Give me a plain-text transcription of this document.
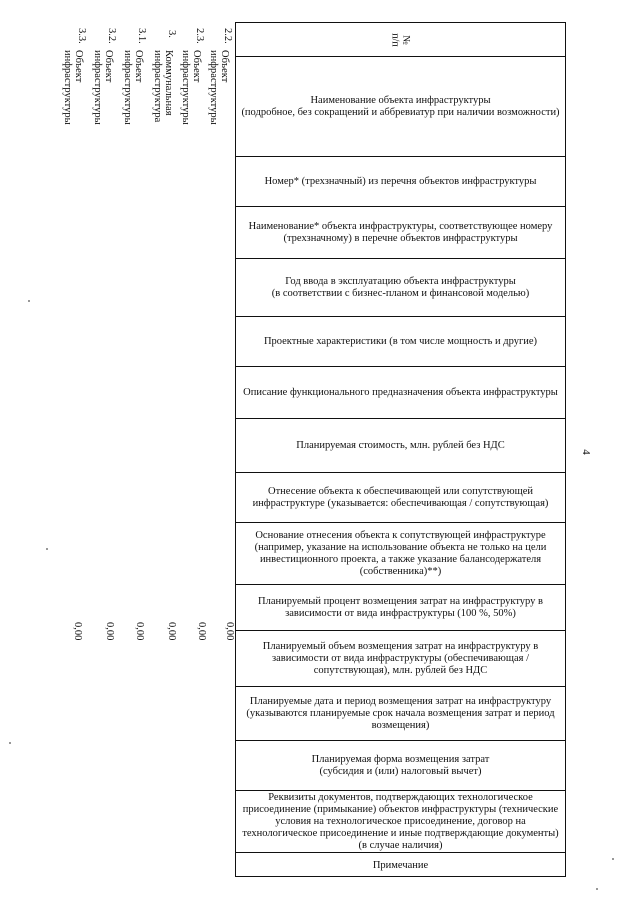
№
п/п
Наименование объекта инфраструктуры
(подробное, без сокращений и аббревиатур при наличии возможности)
Номер* (трехзначный) из перечня объектов инфраструктуры
Наименование* объекта инфраструктуры, соответствующее номеру (трехзначному) в перечне объектов инфраструктуры
Год ввода в эксплуатацию объекта инфраструктуры
(в соответствии с бизнес-планом и финансовой моделью)
Проектные характеристики (в том числе мощность и другие)
Описание функционального предназначения объекта инфраструктуры
Планируемая стоимость, млн. рублей без НДС
Отнесение объекта к обеспечивающей или сопутствующей инфраструктуре (указывается: обеспечивающая / сопутствующая)
Основание отнесения объекта к сопутствующей инфраструктуре (например, указание на использование объекта не только на цели инвестиционного проекта, а также указание балансодержателя (собственника)**)
Планируемый процент возмещения затрат на инфраструктуру в зависимости от вида инфраструктуры (100 %, 50%)
Планируемый объем возмещения затрат на инфраструктуру в зависимости от вида инфраструктуры (обеспечивающая / сопутствующая), млн. рублей без НДС
Планируемые дата и период возмещения затрат на инфраструктуру (указываются планируемые срок начала возмещения затрат и период возмещения)
Планируемая форма возмещения затрат
(субсидия и (или) налоговый вычет)
Реквизиты документов, подтверждающих технологическое присоединение (примыкание) объектов инфраструктуры (технические условия на технологическое присоединение, договор на технологическое присоединение и иные подтверждающие документы) (в случае наличия)
Примечание
2.2.
Объект
инфраструктуры
0,00
2.3.
Объект
инфраструктуры
0,00
3.
Коммунальная
инфраструктура
0,00
3.1.
Объект
инфраструктуры
0,00
3.2.
Объект
инфраструктуры
0,00
3.3.
Объект
инфраструктуры
0,00
4
